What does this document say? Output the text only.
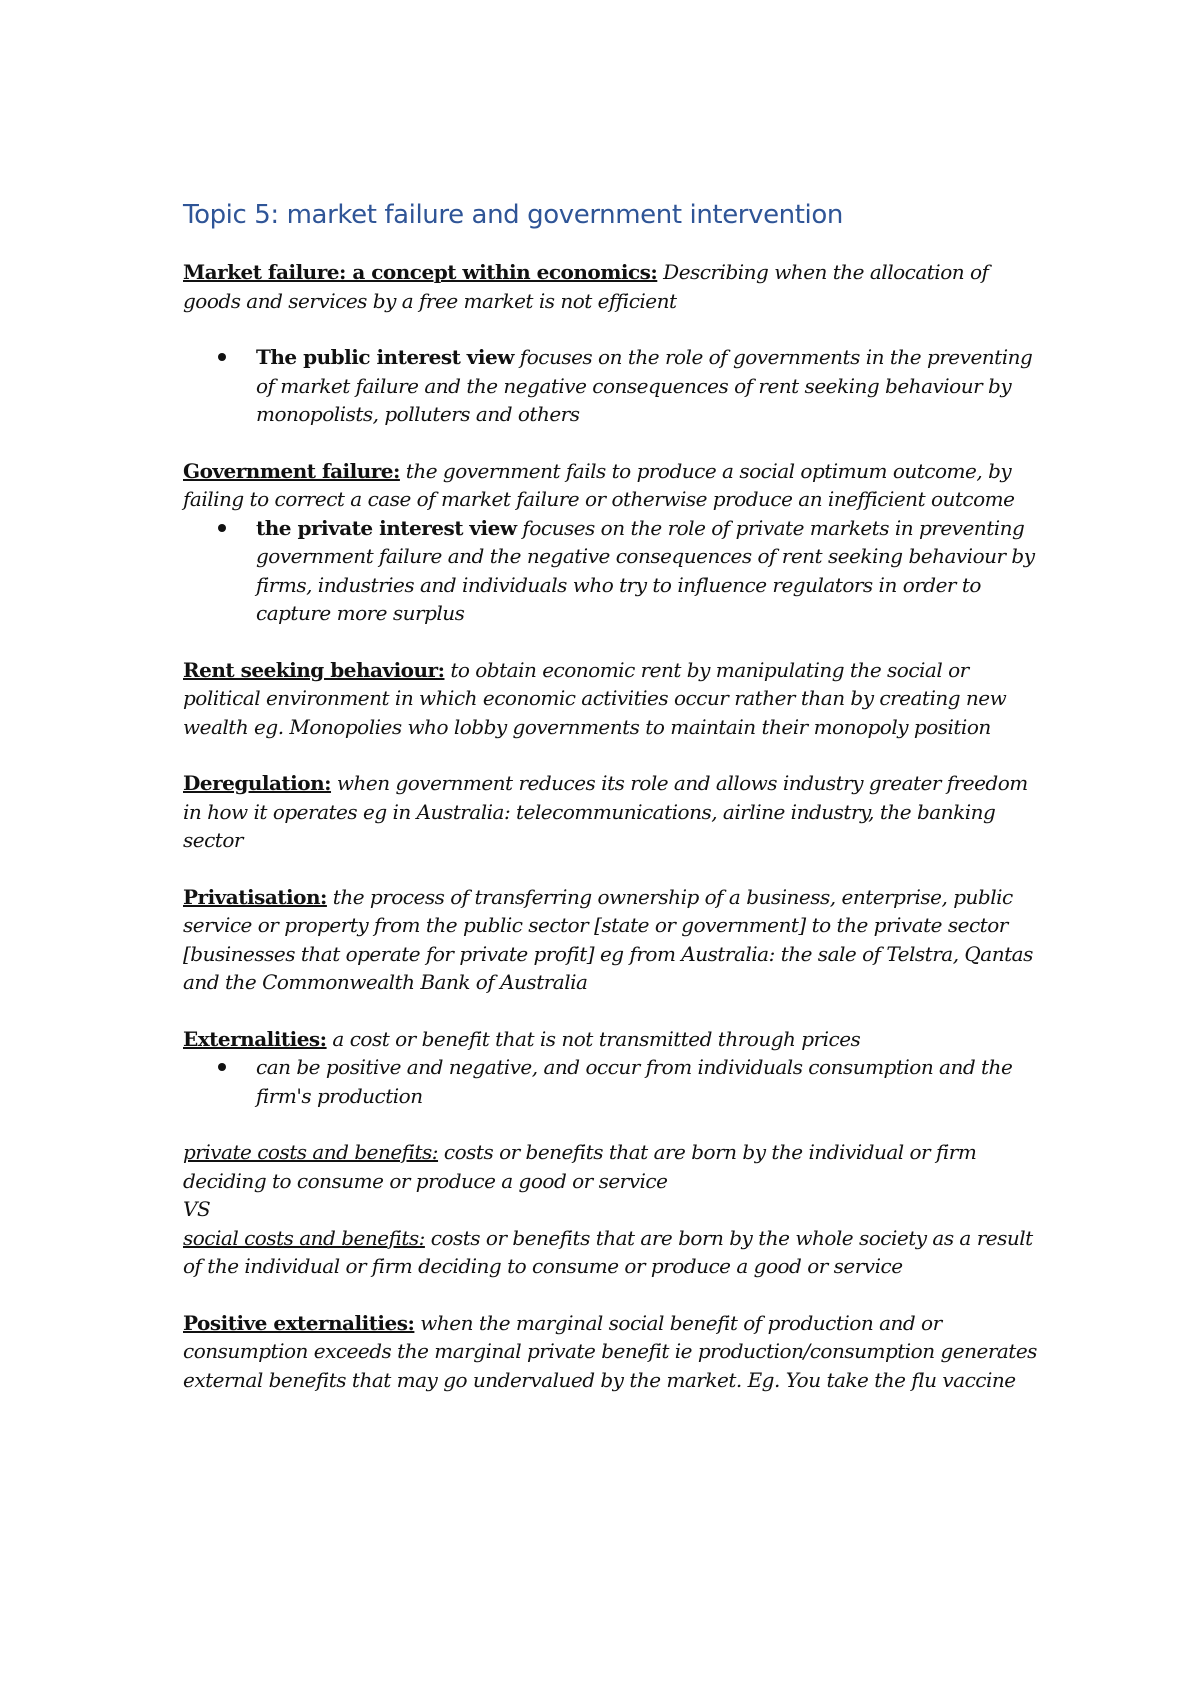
Topic 5: market failure and government intervention

Market failure: a concept within economics: Describing when the allocation of goods and services by a free market is not efficient

The public interest view focuses on the role of governments in the preventing of market failure and the negative consequences of rent seeking behaviour by monopolists, polluters and others

Government failure: the government fails to produce a social optimum outcome, by failing to correct a case of market failure or otherwise produce an inefficient outcome

the private interest view focuses on the role of private markets in preventing government failure and the negative consequences of rent seeking behaviour by firms, industries and individuals who try to influence regulators in order to capture more surplus

Rent seeking behaviour: to obtain economic rent by manipulating the social or political environment in which economic activities occur rather than by creating new wealth eg. Monopolies who lobby governments to maintain their monopoly position

Deregulation: when government reduces its role and allows industry greater freedom in how it operates eg in Australia: telecommunications, airline industry, the banking sector

Privatisation: the process of transferring ownership of a business, enterprise, public service or property from the public sector [state or government] to the private sector [businesses that operate for private profit] eg from Australia: the sale of Telstra, Qantas and the Commonwealth Bank of Australia

Externalities: a cost or benefit that is not transmitted through prices

can be positive and negative, and occur from individuals consumption and the firm's production

private costs and benefits: costs or benefits that are born by the individual or firm deciding to consume or produce a good or service
VS
social costs and benefits: costs or benefits that are born by the whole society as a result of the individual or firm deciding to consume or produce a good or service

Positive externalities: when the marginal social benefit of production and or consumption exceeds the marginal private benefit ie production/consumption generates external benefits that may go undervalued by the market. Eg. You take the flu vaccine
